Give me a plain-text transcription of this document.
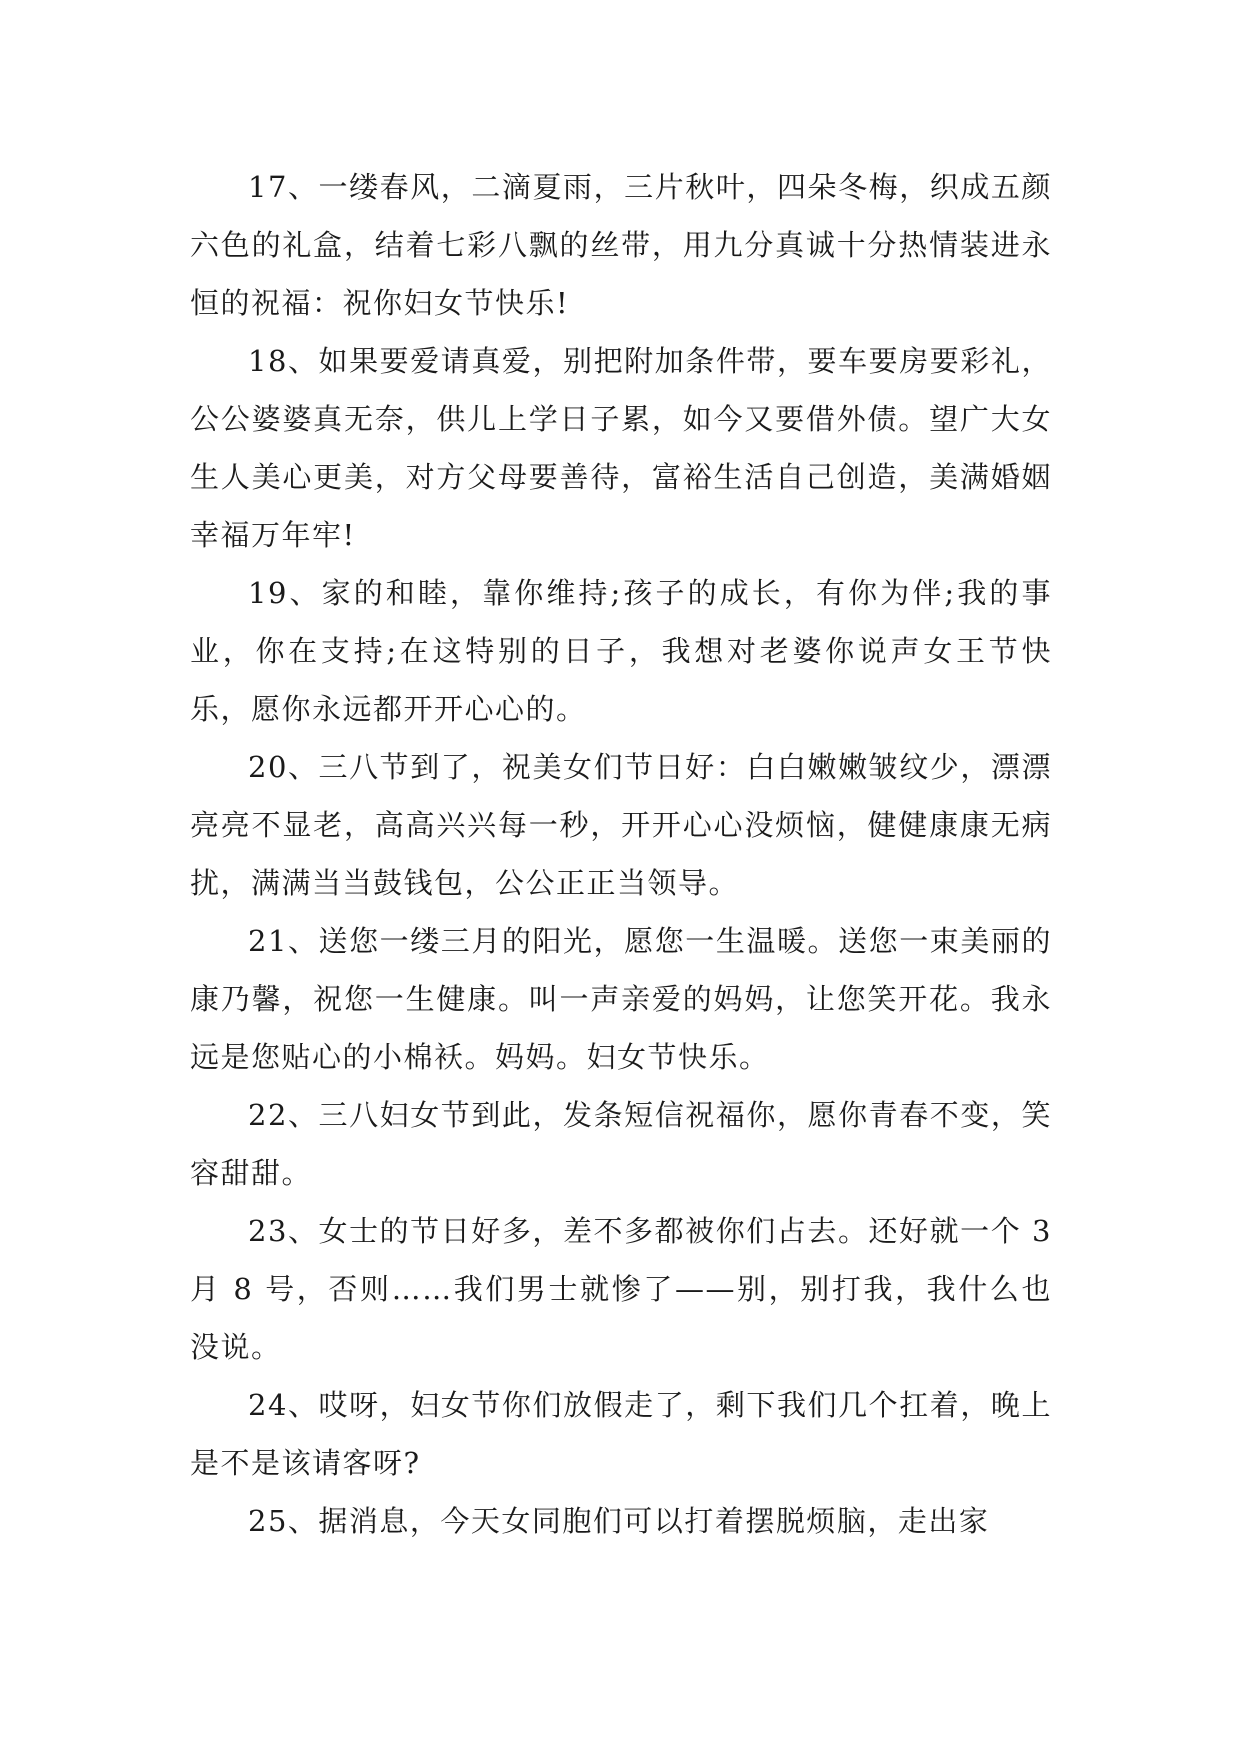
17、一缕春风，二滴夏雨，三片秋叶，四朵冬梅，织成五颜六色的礼盒，结着七彩八飘的丝带，用九分真诚十分热情装进永恒的祝福：祝你妇女节快乐!

18、如果要爱请真爱，别把附加条件带，要车要房要彩礼，公公婆婆真无奈，供儿上学日子累，如今又要借外债。望广大女生人美心更美，对方父母要善待，富裕生活自己创造，美满婚姻幸福万年牢!

19、家的和睦，靠你维持;孩子的成长，有你为伴;我的事业，你在支持;在这特别的日子，我想对老婆你说声女王节快乐，愿你永远都开开心心的。

20、三八节到了，祝美女们节日好：白白嫩嫩皱纹少，漂漂亮亮不显老，高高兴兴每一秒，开开心心没烦恼，健健康康无病扰，满满当当鼓钱包，公公正正当领导。

21、送您一缕三月的阳光，愿您一生温暖。送您一束美丽的康乃馨，祝您一生健康。叫一声亲爱的妈妈，让您笑开花。我永远是您贴心的小棉袄。妈妈。妇女节快乐。

22、三八妇女节到此，发条短信祝福你，愿你青春不变，笑容甜甜。

23、女士的节日好多，差不多都被你们占去。还好就一个 3 月 8 号，否则……我们男士就惨了——别，别打我，我什么也没说。

24、哎呀，妇女节你们放假走了，剩下我们几个扛着，晚上是不是该请客呀?

25、据消息，今天女同胞们可以打着摆脱烦脑，走出家
